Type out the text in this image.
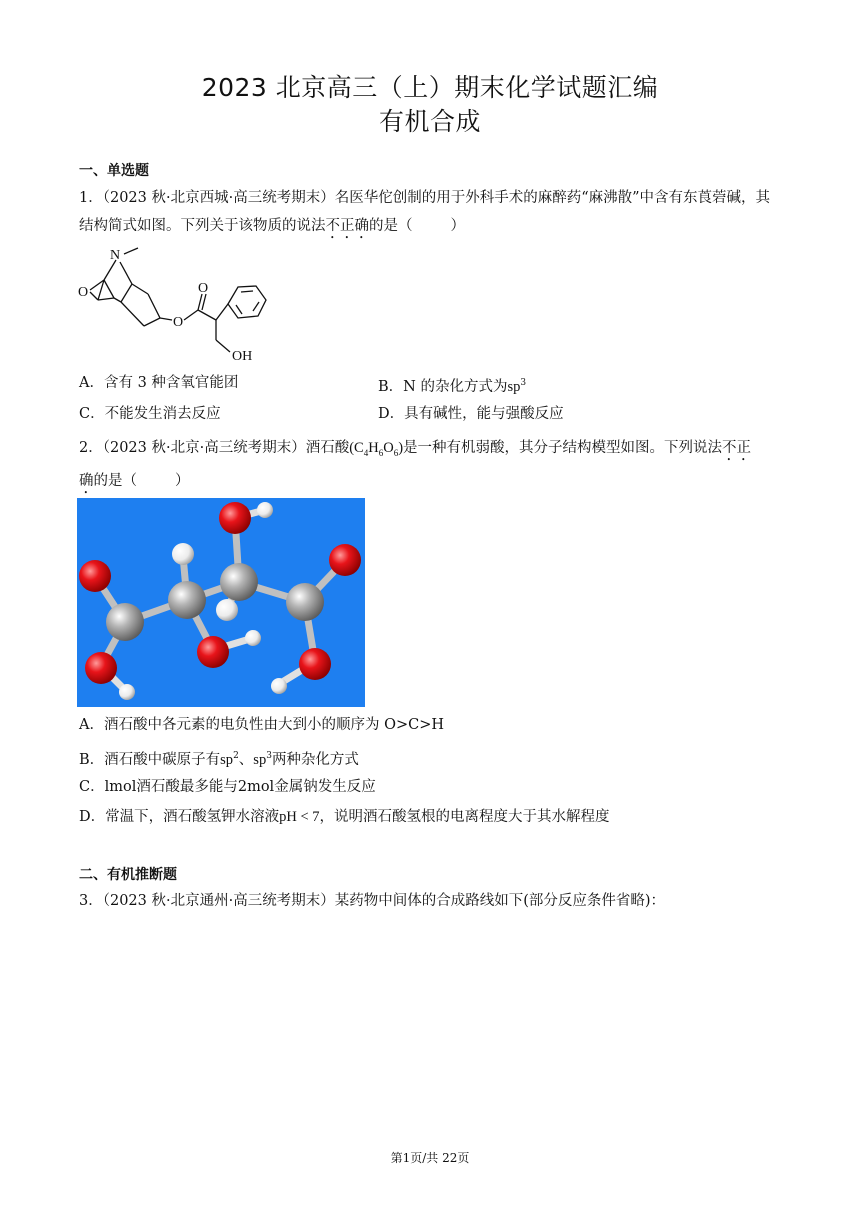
2023 北京高三（上）期末化学试题汇编
有机合成
一、单选题
1．（2023 秋·北京西城·高三统考期末）名医华佗创制的用于外科手术的麻醉药“麻沸散”中含有东莨菪碱，其
结构简式如图。下列关于该物质的说法不正确的是（	）
N
O
O
O
OH
A．含有 3 种含氧官能团	B．N 的杂化方式为$sp^3$
C．不能发生消去反应	D．具有碱性，能与强酸反应
2．（2023 秋·北京·高三统考期末）酒石酸$(C_4H_6O_6)$是一种有机弱酸，其分子结构模型如图。下列说法不正
确的是（	）
A．酒石酸中各元素的电负性由大到小的顺序为 O>C>H
B．酒石酸中碳原子有$sp^2$、$sp^3$两种杂化方式
C．lmol酒石酸最多能与2mol金属钠发生反应
D．常温下，酒石酸氢钾水溶液pH < 7，说明酒石酸氢根的电离程度大于其水解程度
二、有机推断题
3．（2023 秋·北京通州·高三统考期末）某药物中间体的合成路线如下(部分反应条件省略)：
第1页/共 22页
